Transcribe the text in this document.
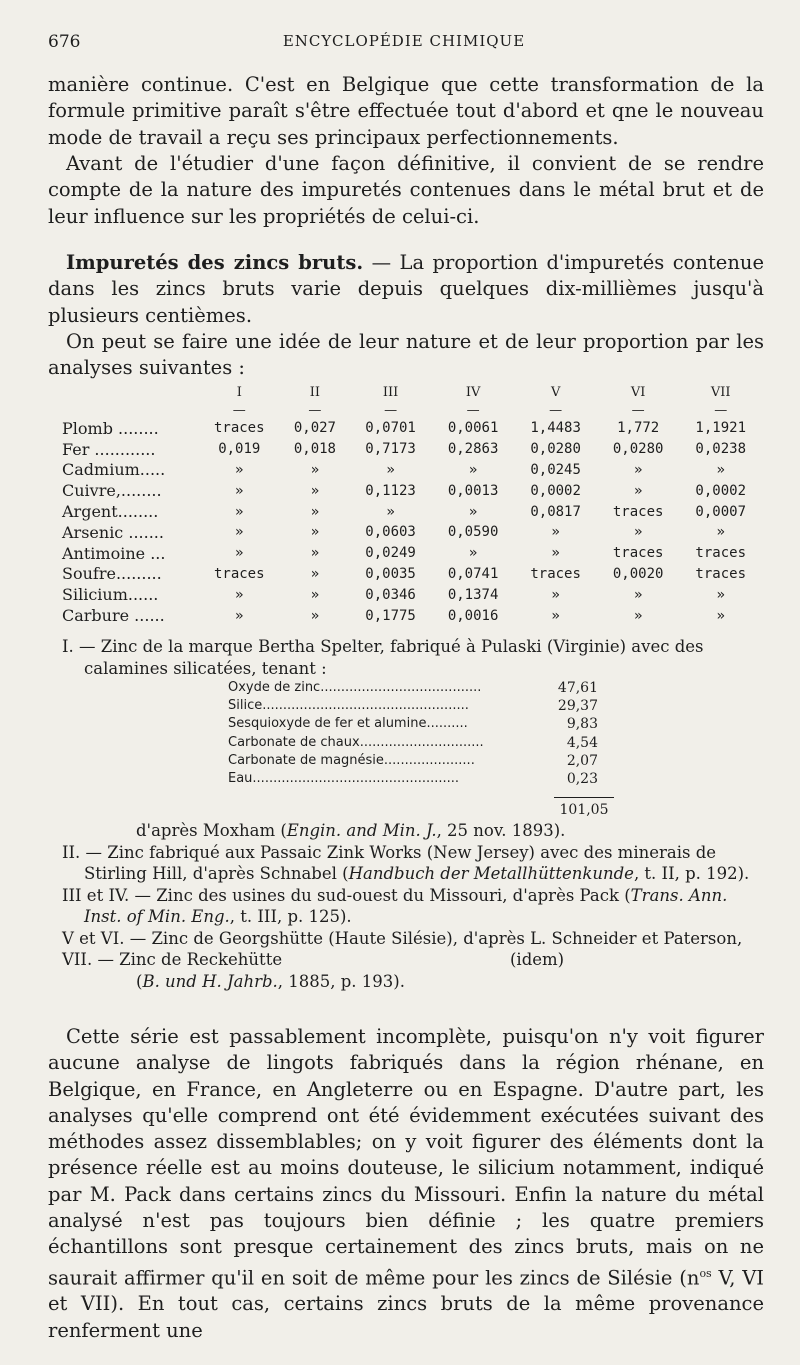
676	ENCYCLOPÉDIE CHIMIQUE

manière continue. C'est en Belgique que cette transformation de la formule primitive paraît s'être effectuée tout d'abord et qne le nouveau mode de travail a reçu ses principaux perfectionnements.

Avant de l'étudier d'une façon définitive, il convient de se rendre compte de la nature des impuretés contenues dans le métal brut et de leur influence sur les propriétés de celui-ci.

Impuretés des zincs bruts. — La proportion d'impuretés contenue dans les zincs bruts varie depuis quelques dix-millièmes jusqu'à plusieurs centièmes.

On peut se faire une idée de leur nature et de leur proportion par les analyses suivantes :

	I	II	III	IV	V	VI	VII
	—	—	—	—	—	—	—
Plomb ........	traces	0,027	0,0701	0,0061	1,4483	1,772	1,1921
Fer ............	0,019	0,018	0,7173	0,2863	0,0280	0,0280	0,0238
Cadmium.....	»	»	»	»	0,0245	»	»
Cuivre,........	»	»	0,1123	0,0013	0,0002	»	0,0002
Argent........	»	»	»	»	0,0817	traces	0,0007
Arsenic .......	»	»	0,0603	0,0590	»	»	»
Antimoine ...	»	»	0,0249	»	»	traces	traces
Soufre.........	traces	»	0,0035	0,0741	traces	0,0020	traces
Silicium......	»	»	0,0346	0,1374	»	»	»
Carbure ......	»	»	0,1775	0,0016	»	»	»

I. — Zinc de la marque Bertha Spelter, fabriqué à Pulaski (Virginie) avec des calamines silicatées, tenant :

Oxyde de zinc.......................................	47,61
Silice..................................................	29,37
Sesquioxyde de fer et alumine..........	9,83
Carbonate de chaux..............................	4,54
Carbonate de magnésie......................	2,07
Eau..................................................	0,23
101,05

d'après Moxham (Engin. and Min. J., 25 nov. 1893).

II. — Zinc fabriqué aux Passaic Zink Works (New Jersey) avec des minerais de Stirling Hill, d'après Schnabel (Handbuch der Metallhüttenkunde, t. II, p. 192).

III et IV. — Zinc des usines du sud-ouest du Missouri, d'après Pack (Trans. Ann. Inst. of Min. Eng., t. III, p. 125).

V et VI. — Zinc de Georgshütte (Haute Silésie), d'après L. Schneider et Paterson,

VII. — Zinc de Reckehütte	(idem)

(B. und H. Jahrb., 1885, p. 193).

Cette série est passablement incomplète, puisqu'on n'y voit figurer aucune analyse de lingots fabriqués dans la région rhénane, en Belgique, en France, en Angleterre ou en Espagne. D'autre part, les analyses qu'elle comprend ont été évidemment exécutées suivant des méthodes assez dissemblables; on y voit figurer des éléments dont la présence réelle est au moins douteuse, le silicium notamment, indiqué par M. Pack dans certains zincs du Missouri. Enfin la nature du métal analysé n'est pas toujours bien définie ; les quatre premiers échantillons sont presque certainement des zincs bruts, mais on ne saurait affirmer qu'il en soit de même pour les zincs de Silésie ($n^{os}$ V, VI et VII). En tout cas, certains zincs bruts de la même provenance renferment une
